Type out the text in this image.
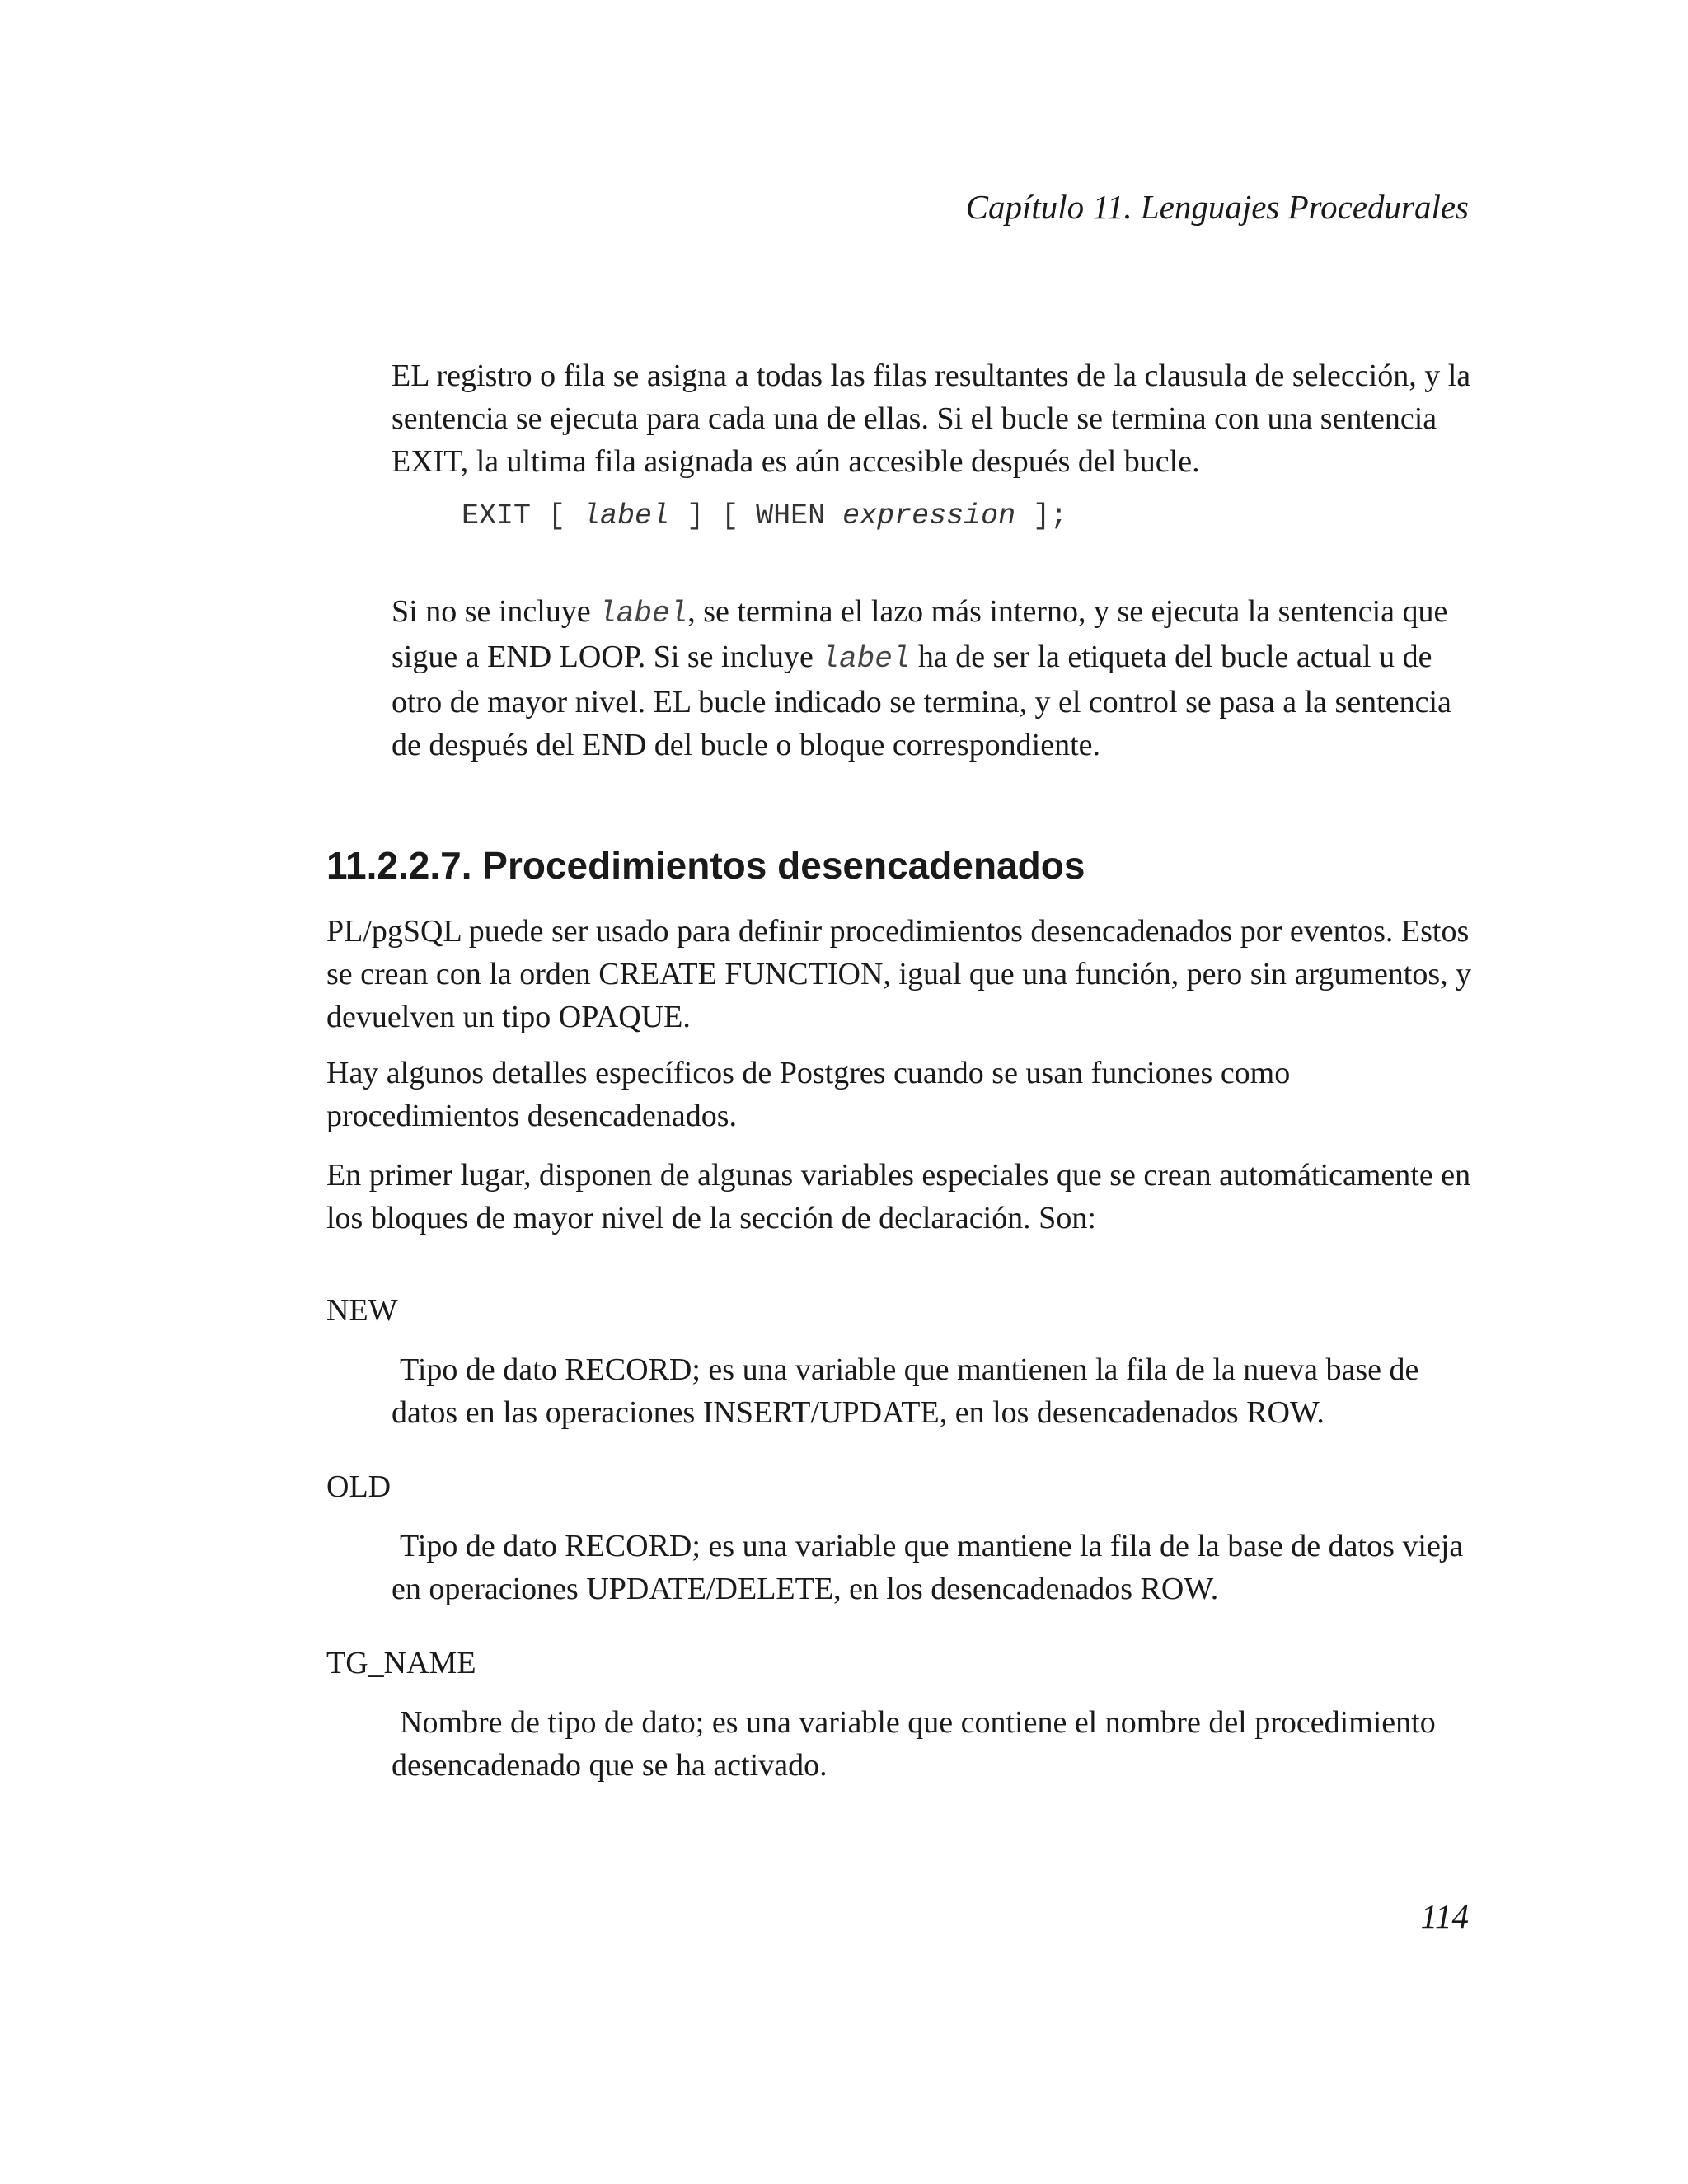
Capítulo 11. Lenguajes Procedurales

EL registro o fila se asigna a todas las filas resultantes de la clausula de selección, y la sentencia se ejecuta para cada una de ellas. Si el bucle se termina con una sentencia EXIT, la ultima fila asignada es aún accesible después del bucle.

EXIT [ label ] [ WHEN expression ];

Si no se incluye label, se termina el lazo más interno, y se ejecuta la sentencia que sigue a END LOOP. Si se incluye label ha de ser la etiqueta del bucle actual u de otro de mayor nivel. EL bucle indicado se termina, y el control se pasa a la sentencia de después del END del bucle o bloque correspondiente.

11.2.2.7. Procedimientos desencadenados

PL/pgSQL puede ser usado para definir procedimientos desencadenados por eventos. Estos se crean con la orden CREATE FUNCTION, igual que una función, pero sin argumentos, y devuelven un tipo OPAQUE.

Hay algunos detalles específicos de Postgres cuando se usan funciones como procedimientos desencadenados.

En primer lugar, disponen de algunas variables especiales que se crean automáticamente en los bloques de mayor nivel de la sección de declaración. Son:

NEW

Tipo de dato RECORD; es una variable que mantienen la fila de la nueva base de datos en las operaciones INSERT/UPDATE, en los desencadenados ROW.

OLD

Tipo de dato RECORD; es una variable que mantiene la fila de la base de datos vieja en operaciones UPDATE/DELETE, en los desencadenados ROW.

TG_NAME

Nombre de tipo de dato; es una variable que contiene el nombre del procedimiento desencadenado que se ha activado.

114
